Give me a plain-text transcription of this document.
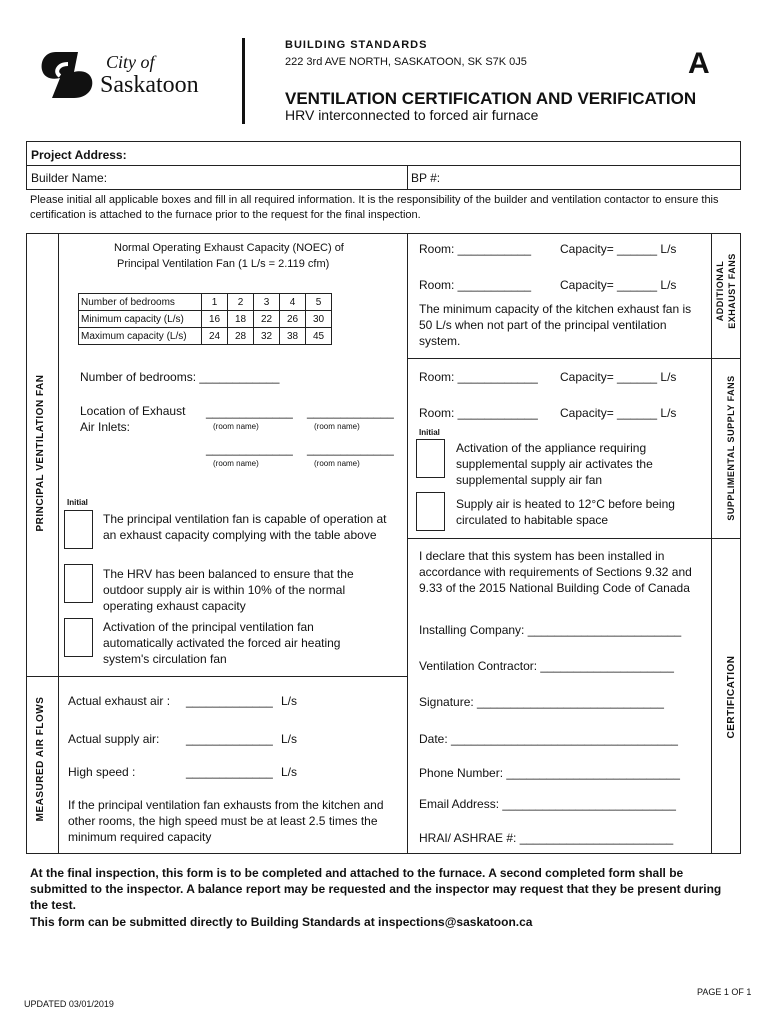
City of
Saskatoon
BUILDING STANDARDS
222 3rd AVE NORTH, SASKATOON, SK S7K 0J5	A
VENTILATION CERTIFICATION AND VERIFICATION
HRV interconnected to forced air furnace
Project Address:
Builder Name:	BP #:
Please initial all applicable boxes and fill in all required information. It is the responsibility of the builder and ventilation contactor to ensure this certification is attached to the furnace prior to the request for the final inspection.
PRINCIPAL VENTILATION FAN
MEASURED AIR FLOWS
ADDITIONAL EXHAUST FANS
SUPPLIMENTAL SUPPLY FANS
CERTIFICATION
Normal Operating Exhaust Capacity (NOEC) of
Principal Ventilation Fan (1 L/s = 2.119 cfm)
Number of bedrooms	1	2	3	4	5
Minimum capacity (L/s)	16	18	22	26	30
Maximum capacity (L/s)	24	28	32	38	45
Number of bedrooms: ____________
Location of Exhaust
Air Inlets:
_____________ _____________
(room name)	(room name)
_____________ _____________
(room name)	(room name)
Initial
The principal ventilation fan is capable of operation at an exhaust capacity complying with the table above
The HRV has been balanced to ensure that the outdoor supply air is within 10% of the normal operating exhaust capacity
Activation of the principal ventilation fan automatically activated the forced air heating system's circulation fan
Actual exhaust air : _____________ L/s
Actual supply air: _____________ L/s
High speed :	_____________ L/s
If the principal ventilation fan exhausts from the kitchen and other rooms, the high speed must be at least 2.5 times the minimum required capacity
Room: ___________ Capacity= ______ L/s
Room: ___________ Capacity= ______ L/s
The minimum capacity of the kitchen exhaust fan is 50 L/s when not part of the principal ventilation system.
Room: ____________ Capacity= ______ L/s
Room: ____________ Capacity= ______ L/s
Initial
Activation of the appliance requiring supplemental supply air activates the supplemental supply air fan
Supply air is heated to 12°C before being circulated to habitable space
I declare that this system has been installed in accordance with requirements of Sections 9.32 and 9.33 of the 2015 National Building Code of Canada
Installing Company: _______________________
Ventilation Contractor: ____________________
Signature: ____________________________
Date: __________________________________
Phone Number: __________________________
Email Address: __________________________
HRAI/ ASHRAE #: _______________________
At the final inspection, this form is to be completed and attached to the furnace. A second completed form shall be submitted to the inspector. A balance report may be requested and the inspector may request that they be present during the test.
This form can be submitted directly to Building Standards at inspections@saskatoon.ca
PAGE 1 OF 1
UPDATED 03/01/2019
